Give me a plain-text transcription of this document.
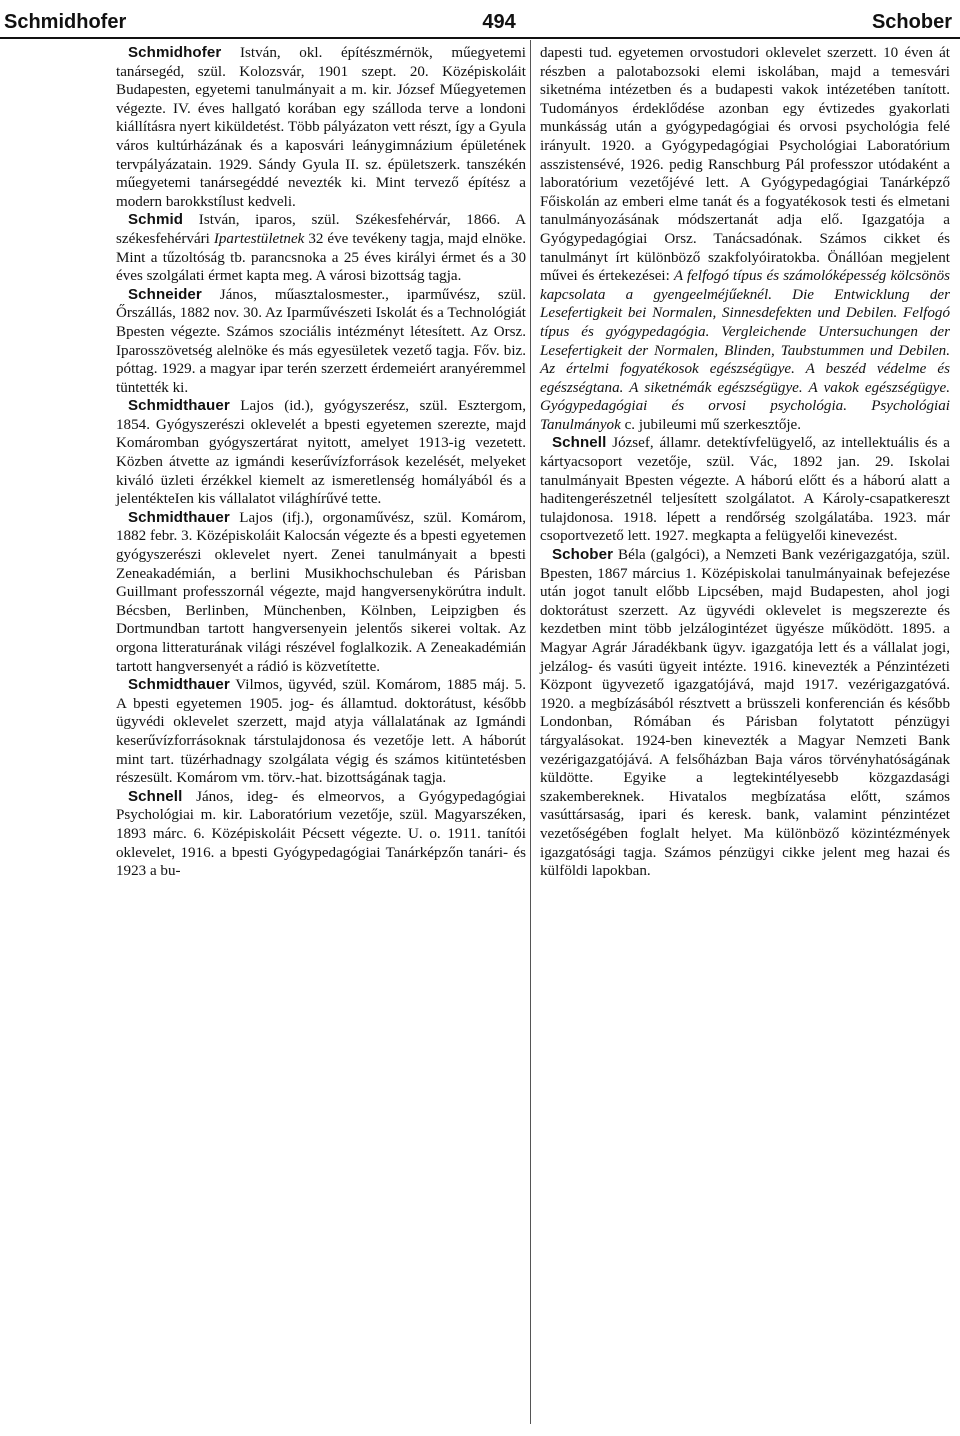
Schmidhofer	494	Schober

Schmidhofer István, okl. építészmérnök, műegyetemi tanársegéd, szül. Kolozsvár, 1901 szept. 20. Középiskoláit Budapesten, egyetemi tanulmányait a m. kir. József Műegyetemen végezte. IV. éves hallgató korában egy szálloda terve a londoni kiállításra nyert kiküldetést. Több pályázaton vett részt, így a Gyula város kultúrházának és a kaposvári leánygimnázium épületének tervpályázatain. 1929. Sándy Gyula II. sz. épületszerk. tanszékén műegyetemi tanársegéddé nevezték ki. Mint tervező építész a modern barokkstílust kedveli.

Schmid István, iparos, szül. Székesfehérvár, 1866. A székesfehérvári Ipartestületnek 32 éve tevékeny tagja, majd elnöke. Mint a tűzoltóság tb. parancsnoka a 25 éves királyi érmet és a 30 éves szolgálati érmet kapta meg. A városi bizottság tagja.

Schneider János, műasztalosmester., iparművész, szül. Őrszállás, 1882 nov. 30. Az Iparművészeti Iskolát és a Technológiát Bpesten végezte. Számos szociális intézményt létesített. Az Orsz. Iparosszövetség alelnöke és más egyesületek vezető tagja. Főv. biz. póttag. 1929. a magyar ipar terén szerzett érdemeiért aranyéremmel tüntették ki.

Schmidthauer Lajos (id.), gyógyszerész, szül. Esztergom, 1854. Gyógyszerészi oklevelét a bpesti egyetemen szerezte, majd Komáromban gyógyszertárat nyitott, amelyet 1913-ig vezetett. Közben átvette az igmándi keserűvízforrások kezelését, melyeket kiváló üzleti érzékkel kiemelt az ismeretlenség homályából és a jelentékteIen kis vállalatot világhírűvé tette.

Schmidthauer Lajos (ifj.), orgonaművész, szül. Komárom, 1882 febr. 3. Középiskoláit Kalocsán végezte és a bpesti egyetemen gyógyszerészi oklevelet nyert. Zenei tanulmányait a bpesti Zeneakadémián, a berlini Musikhochschuleban és Párisban Guillmant professzornál végezte, majd hangversenykörútra indult. Bécsben, Berlinben, Münchenben, Kölnben, Leipzigben és Dortmundban tartott hangversenyein jelentős sikerei voltak. Az orgona litteraturának világi részével foglalkozik. A Zeneakadémián tartott hangversenyét a rádió is közvetítette.

Schmidthauer Vilmos, ügyvéd, szül. Komárom, 1885 máj. 5. A bpesti egyetemen 1905. jog- és államtud. doktorátust, később ügyvédi oklevelet szerzett, majd atyja vállalatának az Igmándi keserűvízforrásoknak társtulajdonosa és vezetője lett. A háborút mint tart. tüzérhadnagy szolgálata végig és számos kitüntetésben részesült. Komárom vm. törv.-hat. bizottságának tagja.

Schnell János, ideg- és elmeorvos, a Gyógypedagógiai Psychológiai m. kir. Laboratórium vezetője, szül. Magyarszéken, 1893 márc. 6. Középiskoláit Pécsett végezte. U. o. 1911. tanítói oklevelet, 1916. a bpesti Gyógypedagógiai Tanárképzőn tanári- és 1923 a bu-

dapesti tud. egyetemen orvostudori oklevelet szerzett. 10 éven át részben a palotabozsoki elemi iskolában, majd a temesvári siketnéma intézetben és a budapesti vakok intézetében tanított. Tudományos érdeklődése azonban egy évtizedes gyakorlati munkásság után a gyógypedagógiai és orvosi psychológia felé irányult. 1920. a Gyógypedagógiai Psychológiai Laboratórium asszistensévé, 1926. pedig Ranschburg Pál professzor utódaként a laboratórium vezetőjévé lett. A Gyógypedagógiai Tanárképző Főiskolán az emberi elme tanát és a fogyatékosok testi és elmetani tanulmányozásának módszertanát adja elő. Igazgatója a Gyógypedagógiai Orsz. Tanácsadónak. Számos cikket és tanulmányt írt különböző szakfolyóiratokba. Önállóan megjelent művei és értekezései: A felfogó típus és számolóképesség kölcsönös kapcsolata a gyengeelméjűeknél. Die Entwicklung der Lesefertigkeit bei Normalen, Sinnesdefekten und Debilen. Felfogó típus és gyógypedagógia. Vergleichende Untersuchungen der Lesefertigkeit der Normalen, Blinden, Taubstummen und Debilen. Az értelmi fogyatékosok egészségügye. A beszéd védelme és egészségtana. A siketnémák egészségügye. A vakok egészségügye. Gyógypedagógiai és orvosi psychológia. Psychológiai Tanulmányok c. jubileumi mű szerkesztője.

Schnell József, államr. detektívfelügyelő, az intellektuális és a kártyacsoport vezetője, szül. Vác, 1892 jan. 29. Iskolai tanulmányait Bpesten végezte. A háború előtt és a háború alatt a haditengerészetnél teljesített szolgálatot. A Károly-csapatkereszt tulajdonosa. 1918. lépett a rendőrség szolgálatába. 1923. már csoportvezető lett. 1927. megkapta a felügyelői kinevezést.

Schober Béla (galgóci), a Nemzeti Bank vezérigazgatója, szül. Bpesten, 1867 március 1. Középiskolai tanulmányainak befejezése után jogot tanult előbb Lipcsében, majd Budapesten, ahol jogi doktorátust szerzett. Az ügyvédi oklevelet is megszerezte és kezdetben mint több jelzálogintézet ügyésze működött. 1895. a Magyar Agrár Járadékbank ügyv. igazgatója lett és a vállalat jogi, jelzálog- és vasúti ügyeit intézte. 1916. kinevezték a Pénzintézeti Központ ügyvezető igazgatójává, majd 1917. vezérigazgatóvá. 1920. a megbízásából résztvett a brüsszeli konferencián és később Londonban, Rómában és Párisban folytatott pénzügyi tárgyalásokat. 1924-ben kinevezték a Magyar Nemzeti Bank vezérigazgatójává. A felsőházban Baja város törvényhatóságának küldötte. Egyike a legtekintélyesebb közgazdasági szakembereknek. Hivatalos megbízatása előtt, számos vasúttársaság, ipari és keresk. bank, valamint pénzintézet vezetőségében foglalt helyet. Ma különböző közintézmények igazgatósági tagja. Számos pénzügyi cikke jelent meg hazai és külföldi lapokban.
